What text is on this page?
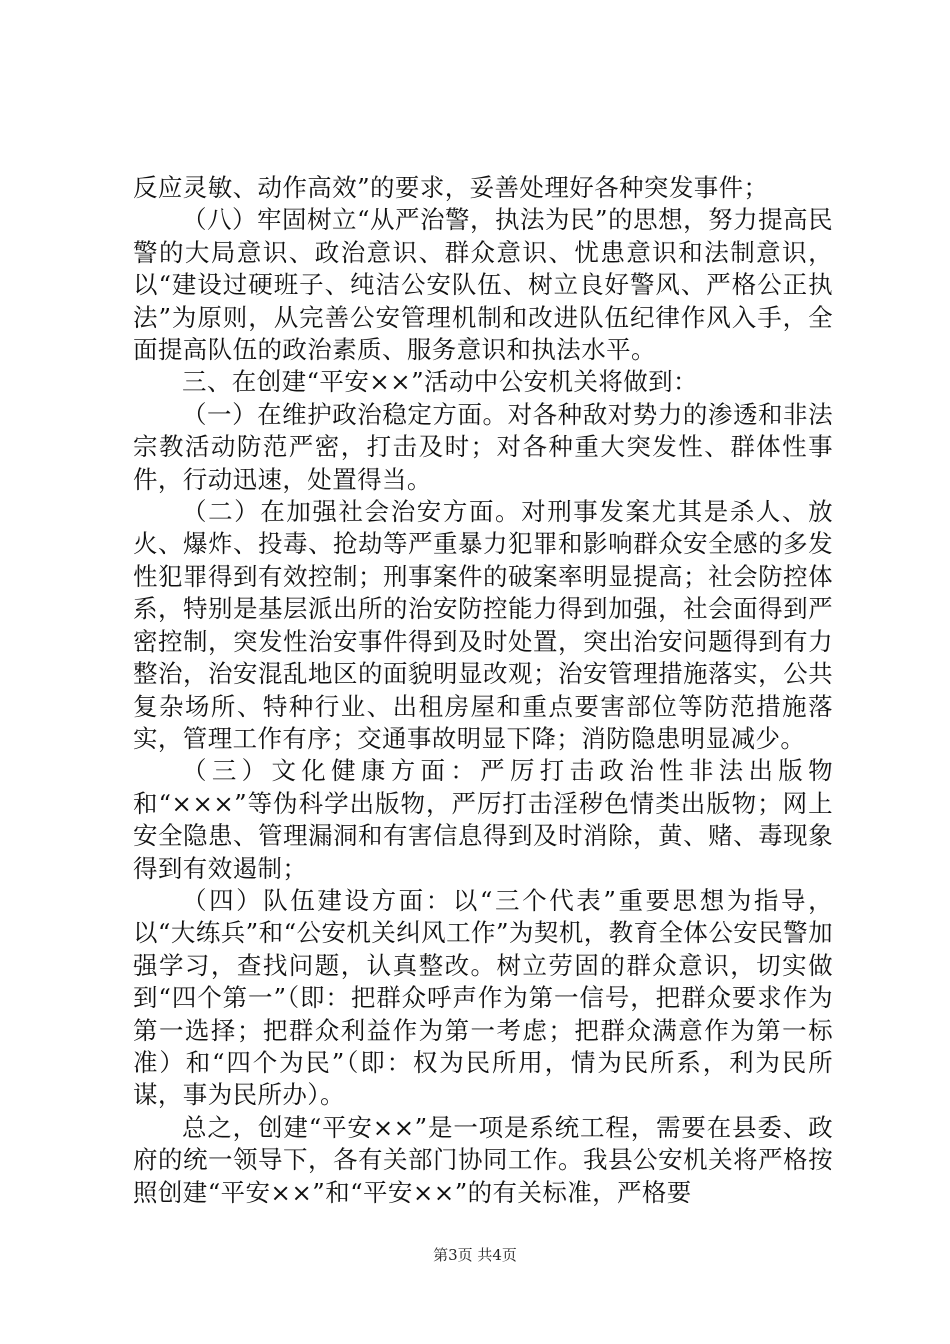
反应灵敏、动作高效”的要求，妥善处理好各种突发事件；

（八）牢固树立“从严治警，执法为民”的思想，努力提高民警的大局意识、政治意识、群众意识、忧患意识和法制意识，以“建设过硬班子、纯洁公安队伍、树立良好警风、严格公正执法”为原则，从完善公安管理机制和改进队伍纪律作风入手，全面提高队伍的政治素质、服务意识和执法水平。

三、在创建“平安××”活动中公安机关将做到：

（一）在维护政治稳定方面。对各种敌对势力的渗透和非法宗教活动防范严密，打击及时；对各种重大突发性、群体性事件，行动迅速，处置得当。

（二）在加强社会治安方面。对刑事发案尤其是杀人、放火、爆炸、投毒、抢劫等严重暴力犯罪和影响群众安全感的多发性犯罪得到有效控制；刑事案件的破案率明显提高；社会防控体系，特别是基层派出所的治安防控能力得到加强，社会面得到严密控制，突发性治安事件得到及时处置，突出治安问题得到有力整治，治安混乱地区的面貌明显改观；治安管理措施落实，公共复杂场所、特种行业、出租房屋和重点要害部位等防范措施落实，管理工作有序；交通事故明显下降；消防隐患明显减少。

（三）文化健康方面：严厉打击政治性非法出版物和“×××”等伪科学出版物，严厉打击淫秽色情类出版物；网上安全隐患、管理漏洞和有害信息得到及时消除，黄、赌、毒现象得到有效遏制；

（四）队伍建设方面：以“三个代表”重要思想为指导，以“大练兵”和“公安机关纠风工作”为契机，教育全体公安民警加强学习，查找问题，认真整改。树立劳固的群众意识，切实做到“四个第一”（即：把群众呼声作为第一信号，把群众要求作为第一选择；把群众利益作为第一考虑；把群众满意作为第一标准）和“四个为民”（即：权为民所用，情为民所系，利为民所谋，事为民所办）。

总之，创建“平安××”是一项是系统工程，需要在县委、政府的统一领导下，各有关部门协同工作。我县公安机关将严格按照创建“平安××”和“平安××”的有关标准，严格要

第3页 共4页
